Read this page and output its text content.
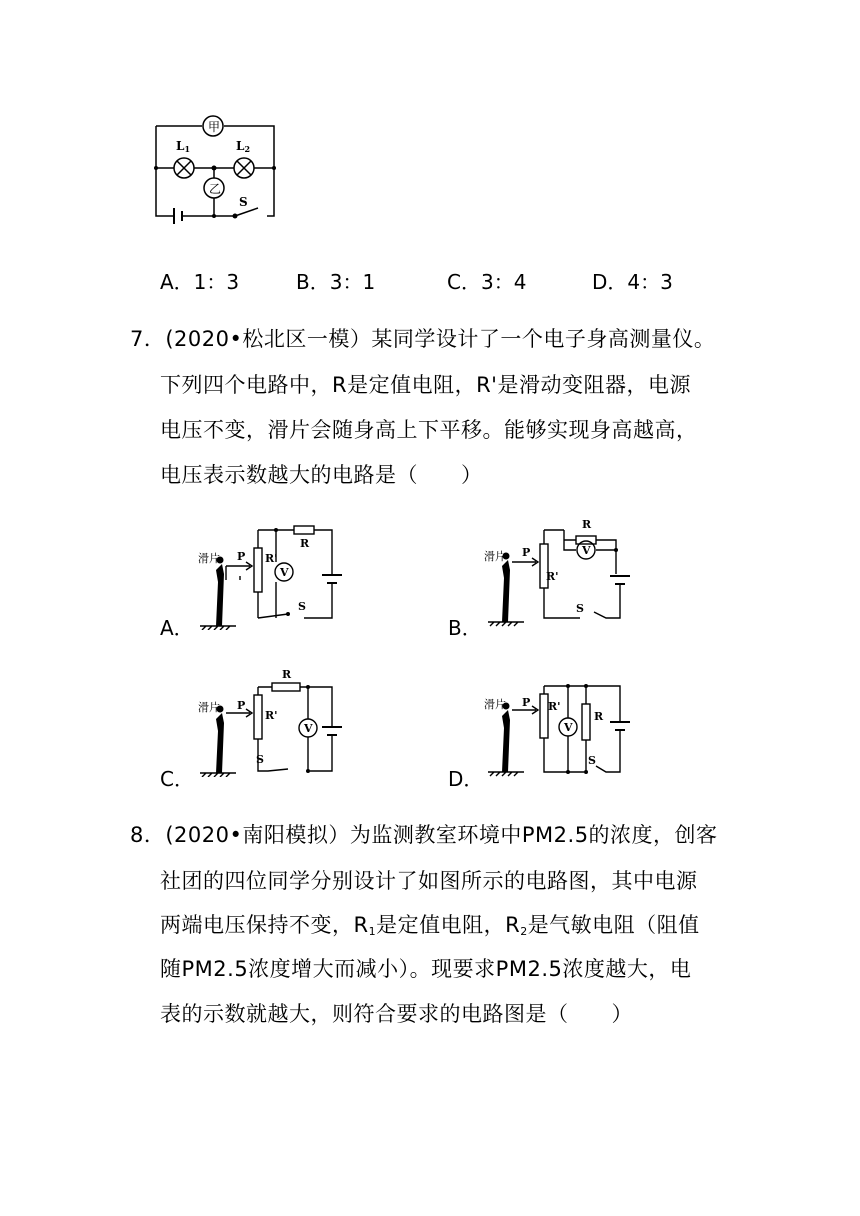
甲
乙
L1	L2
S
A．1：3	B．3：1	C．3：4	D．4：3
7．(2020•松北区一模）某同学设计了一个电子身高测量仪。
下列四个电路中，R是定值电阻，R'是滑动变阻器，电源
电压不变，滑片会随身高上下平移。能够实现身高越高，
电压表示数越大的电路是（　　）
A．	B．
C．	D．
V
滑片 P R'
R
S
V
滑片 P
R'
R
S
V
滑片 P
R'
R
S
V
滑片 P R'
R
S
8．(2020•南阳模拟）为监测教室环境中PM2.5的浓度，创客
社团的四位同学分别设计了如图所示的电路图，其中电源
两端电压保持不变，$R_1$是定值电阻，$R_2$是气敏电阻（阻值
随PM2.5浓度增大而减小）。现要求PM2.5浓度越大，电
表的示数就越大，则符合要求的电路图是（　　）
